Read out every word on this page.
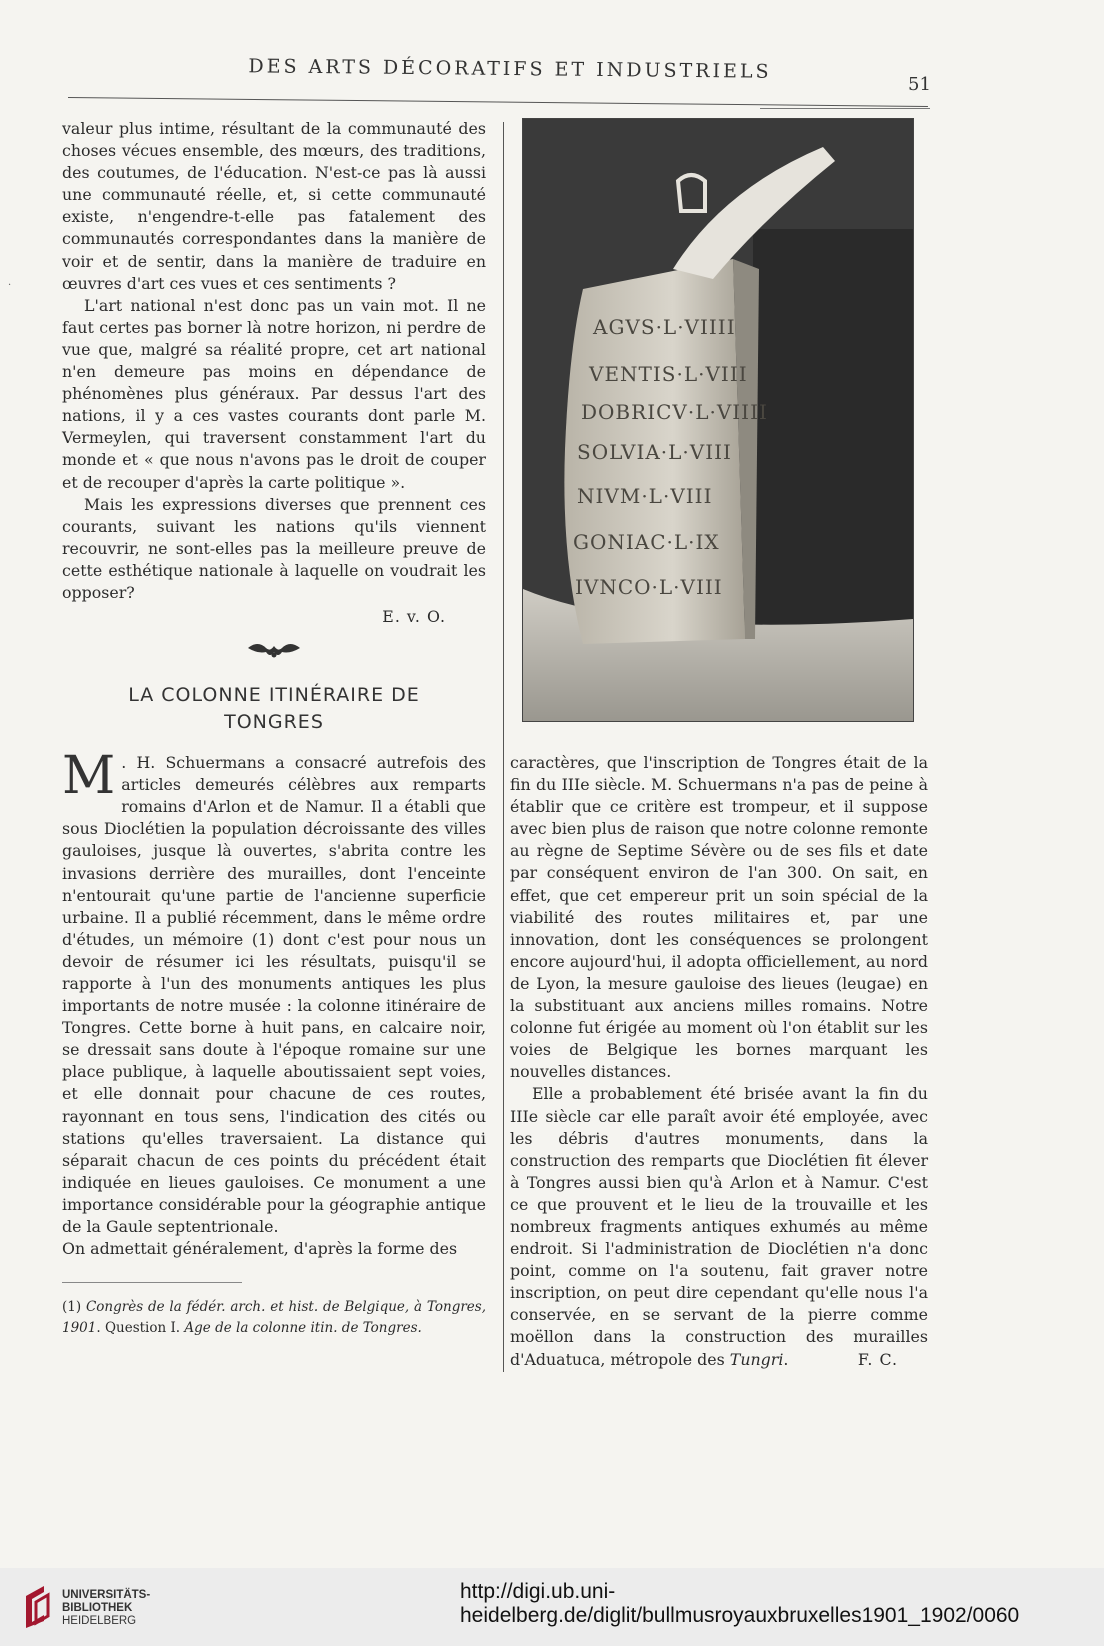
DES ARTS DÉCORATIFS ET INDUSTRIELS
51

valeur plus intime, résultant de la communauté des choses vécues ensemble, des mœurs, des traditions, des coutumes, de l'éducation. N'est-ce pas là aussi une communauté réelle, et, si cette communauté existe, n'engendre-t-elle pas fatalement des communautés correspondantes dans la manière de voir et de sentir, dans la manière de traduire en œuvres d'art ces vues et ces sentiments ?

L'art national n'est donc pas un vain mot. Il ne faut certes pas borner là notre horizon, ni perdre de vue que, malgré sa réalité propre, cet art national n'en demeure pas moins en dépendance de phénomènes plus généraux. Par dessus l'art des nations, il y a ces vastes courants dont parle M. Vermeylen, qui traversent constamment l'art du monde et « que nous n'avons pas le droit de couper et de recouper d'après la carte politique ».

Mais les expressions diverses que prennent ces courants, suivant les nations qu'ils viennent recouvrir, ne sont-elles pas la meilleure preuve de cette esthétique nationale à laquelle on voudrait les opposer?

E. v. O.
LA COLONNE ITINÉRAIRE DE
TONGRES
M . H. Schuermans a consacré autrefois des articles demeurés célèbres aux remparts romains d'Arlon et de Namur. Il a établi que sous Dioclétien la population décroissante des villes gauloises, jusque là ouvertes, s'abrita contre les invasions derrière des murailles, dont l'enceinte n'entourait qu'une partie de l'ancienne superficie urbaine. Il a publié récemment, dans le même ordre d'études, un mémoire (1) dont c'est pour nous un devoir de résumer ici les résultats, puisqu'il se rapporte à l'un des monuments antiques les plus importants de notre musée : la colonne itinéraire de Tongres. Cette borne à huit pans, en calcaire noir, se dressait sans doute à l'époque romaine sur une place publique, à laquelle aboutissaient sept voies, et elle donnait pour chacune de ces routes, rayonnant en tous sens, l'indication des cités ou stations qu'elles traversaient. La distance qui séparait chacun de ces points du précédent était indiquée en lieues gauloises. Ce monument a une importance considérable pour la géographie antique de la Gaule septentrionale.

On admettait généralement, d'après la forme des

(1) Congrès de la fédér. arch. et hist. de Belgique, à Tongres, 1901. Question I. Age de la colonne itin. de Tongres.
AGVS·L·VIIII
VENTIS·L·VIII
DOBRICV·L·VIIII
SOLVIA·L·VIII
NIVM·L·VIII
GONIAC·L·IX
IVNCO·L·VIII

caractères, que l'inscription de Tongres était de la fin du IIIe siècle. M. Schuermans n'a pas de peine à établir que ce critère est trompeur, et il suppose avec bien plus de raison que notre colonne remonte au règne de Septime Sévère ou de ses fils et date par conséquent environ de l'an 300. On sait, en effet, que cet empereur prit un soin spécial de la viabilité des routes militaires et, par une innovation, dont les conséquences se prolongent encore aujourd'hui, il adopta officiellement, au nord de Lyon, la mesure gauloise des lieues (leugae) en la substituant aux anciens milles romains. Notre colonne fut érigée au moment où l'on établit sur les voies de Belgique les bornes marquant les nouvelles distances.

Elle a probablement été brisée avant la fin du IIIe siècle car elle paraît avoir été employée, avec les débris d'autres monuments, dans la construction des remparts que Dioclétien fit élever à Tongres aussi bien qu'à Arlon et à Namur. C'est ce que prouvent et le lieu de la trouvaille et les nombreux fragments antiques exhumés au même endroit. Si l'administration de Dioclétien n'a donc point, comme on l'a soutenu, fait graver notre inscription, on peut dire cependant qu'elle nous l'a conservée, en se servant de la pierre comme moëllon dans la construction des murailles d'Aduatuca, métropole des Tungri.	F. C.

·
UNIVERSITÄTS-
BIBLIOTHEK
HEIDELBERG
http://digi.ub.uni-heidelberg.de/diglit/bullmusroyauxbruxelles1901_1902/0060
